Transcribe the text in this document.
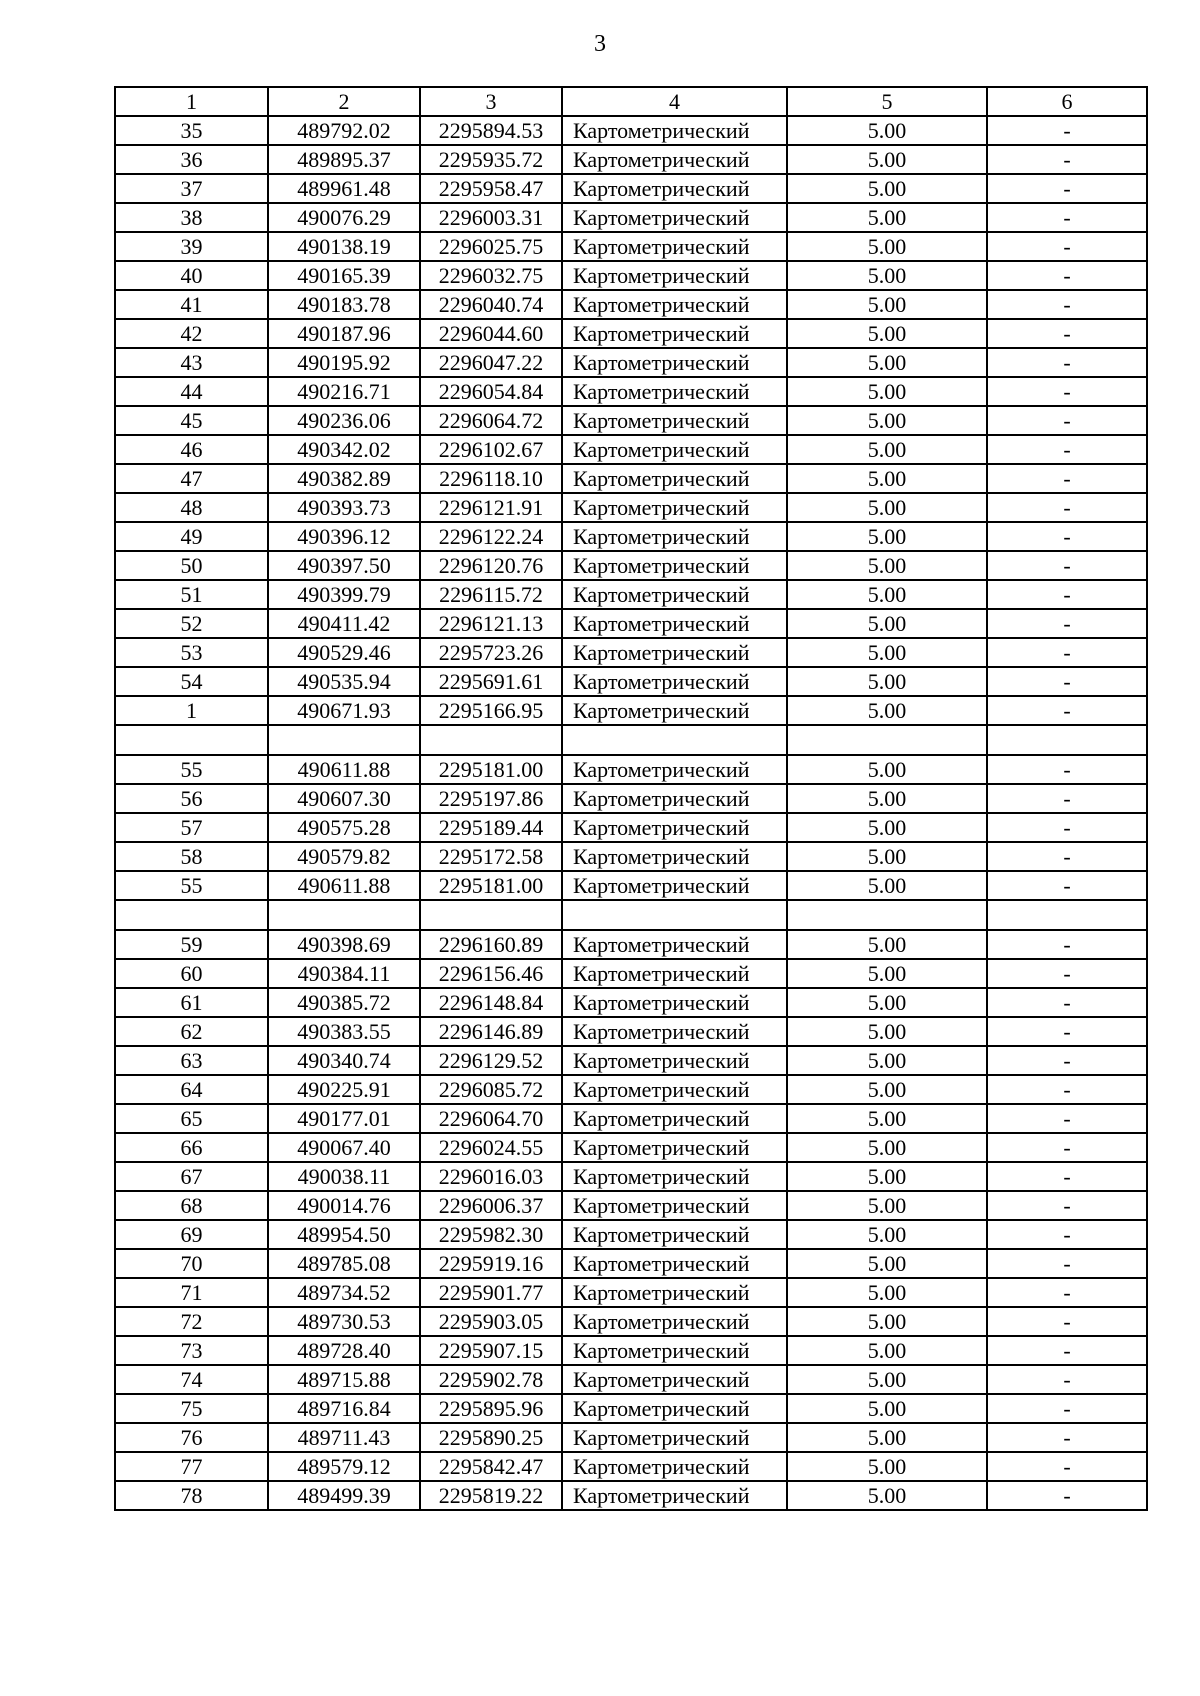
3
1	2	3	4	5	6
35	489792.02	2295894.53	Картометрический	5.00	-
36	489895.37	2295935.72	Картометрический	5.00	-
37	489961.48	2295958.47	Картометрический	5.00	-
38	490076.29	2296003.31	Картометрический	5.00	-
39	490138.19	2296025.75	Картометрический	5.00	-
40	490165.39	2296032.75	Картометрический	5.00	-
41	490183.78	2296040.74	Картометрический	5.00	-
42	490187.96	2296044.60	Картометрический	5.00	-
43	490195.92	2296047.22	Картометрический	5.00	-
44	490216.71	2296054.84	Картометрический	5.00	-
45	490236.06	2296064.72	Картометрический	5.00	-
46	490342.02	2296102.67	Картометрический	5.00	-
47	490382.89	2296118.10	Картометрический	5.00	-
48	490393.73	2296121.91	Картометрический	5.00	-
49	490396.12	2296122.24	Картометрический	5.00	-
50	490397.50	2296120.76	Картометрический	5.00	-
51	490399.79	2296115.72	Картометрический	5.00	-
52	490411.42	2296121.13	Картометрический	5.00	-
53	490529.46	2295723.26	Картометрический	5.00	-
54	490535.94	2295691.61	Картометрический	5.00	-
1	490671.93	2295166.95	Картометрический	5.00	-

55	490611.88	2295181.00	Картометрический	5.00	-
56	490607.30	2295197.86	Картометрический	5.00	-
57	490575.28	2295189.44	Картометрический	5.00	-
58	490579.82	2295172.58	Картометрический	5.00	-
55	490611.88	2295181.00	Картометрический	5.00	-

59	490398.69	2296160.89	Картометрический	5.00	-
60	490384.11	2296156.46	Картометрический	5.00	-
61	490385.72	2296148.84	Картометрический	5.00	-
62	490383.55	2296146.89	Картометрический	5.00	-
63	490340.74	2296129.52	Картометрический	5.00	-
64	490225.91	2296085.72	Картометрический	5.00	-
65	490177.01	2296064.70	Картометрический	5.00	-
66	490067.40	2296024.55	Картометрический	5.00	-
67	490038.11	2296016.03	Картометрический	5.00	-
68	490014.76	2296006.37	Картометрический	5.00	-
69	489954.50	2295982.30	Картометрический	5.00	-
70	489785.08	2295919.16	Картометрический	5.00	-
71	489734.52	2295901.77	Картометрический	5.00	-
72	489730.53	2295903.05	Картометрический	5.00	-
73	489728.40	2295907.15	Картометрический	5.00	-
74	489715.88	2295902.78	Картометрический	5.00	-
75	489716.84	2295895.96	Картометрический	5.00	-
76	489711.43	2295890.25	Картометрический	5.00	-
77	489579.12	2295842.47	Картометрический	5.00	-
78	489499.39	2295819.22	Картометрический	5.00	-
